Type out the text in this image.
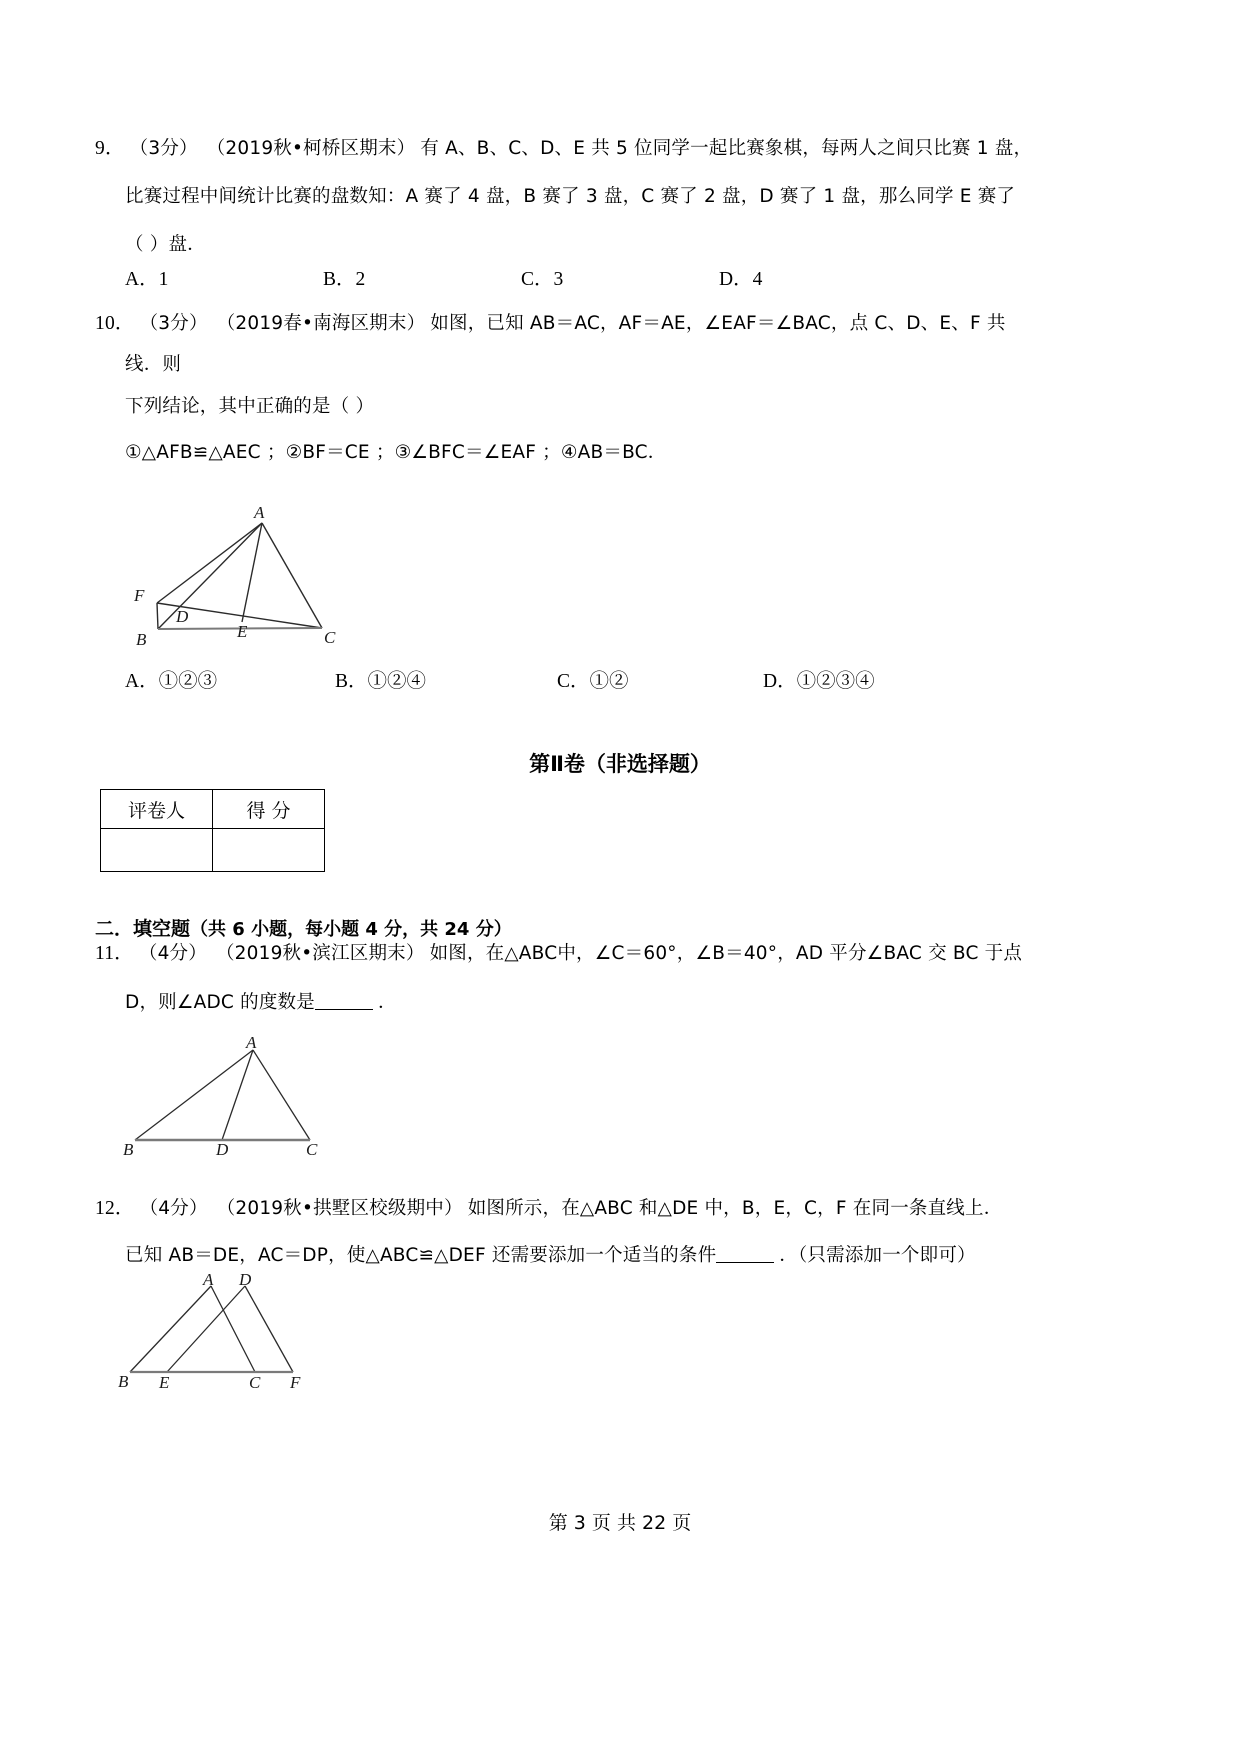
9． （3分） （2019秋•柯桥区期末） 有 A、B、C、D、E 共 5 位同学一起比赛象棋，每两人之间只比赛 1 盘，
比赛过程中间统计比赛的盘数知：A 赛了 4 盘，B 赛了 3 盘，C 赛了 2 盘，D 赛了 1 盘，那么同学 E 赛了
（ ）盘．
A．1	B．2	C．3	D．4
10． （3分） （2019春•南海区期末） 如图，已知 AB＝AC，AF＝AE，∠EAF＝∠BAC，点 C、D、E、F 共
线．则
下列结论，其中正确的是（ ）
①△AFB≌△AEC ；②BF＝CE ；③∠BFC＝∠EAF ；④AB＝BC．
A
F
D
E
B	C
A．①②③	B．①②④	C．①②	D．①②③④
第Ⅱ卷（非选择题）
评卷人	得 分

二．填空题（共 6 小题，每小题 4 分，共 24 分）
11． （4分） （2019秋•滨江区期末） 如图，在△ABC中，∠C＝60°，∠B＝40°，AD 平分∠BAC 交 BC 于点
D，则∠ADC 的度数是	．
A
B	D	C
12． （4分） （2019秋•拱墅区校级期中） 如图所示，在△ABC 和△DE 中，B，E，C，F 在同一条直线上．
已知 AB＝DE，AC＝DP，使△ABC≌△DEF 还需要添加一个适当的条件	．（只需添加一个即可）
A D
B E	C F
第 3 页 共 22 页
